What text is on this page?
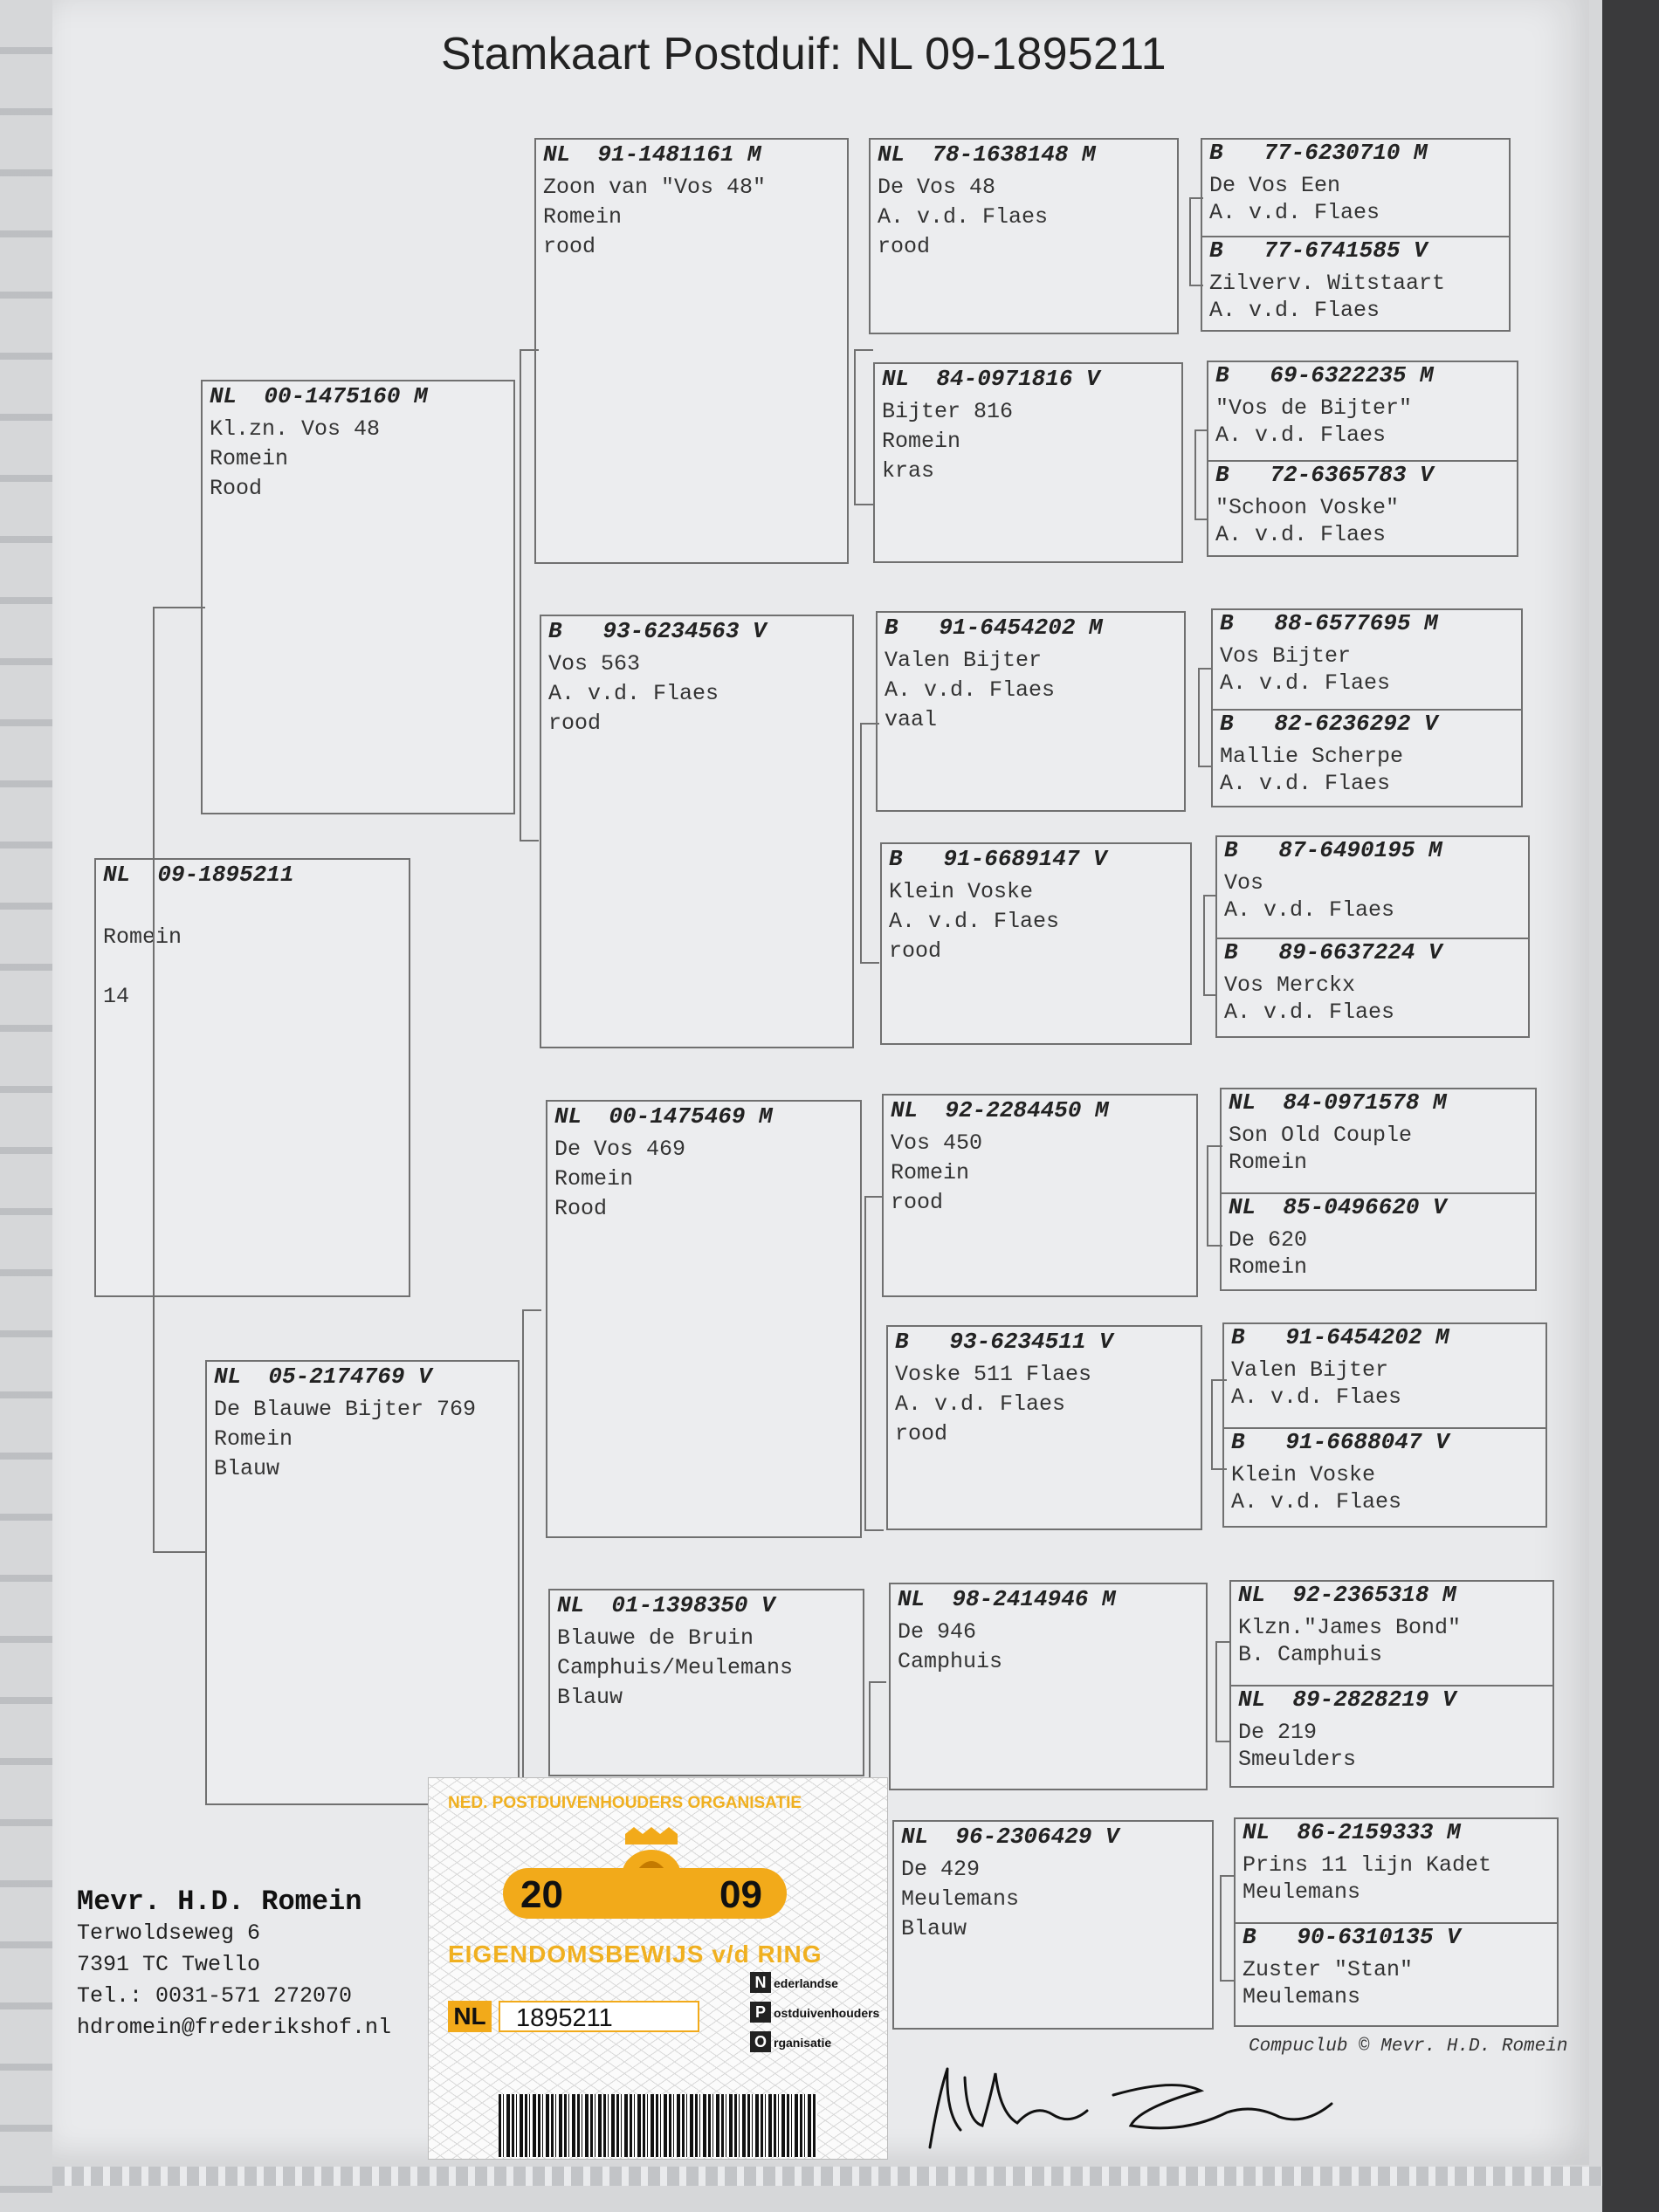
Stamkaart Postduif: NL 09-1895211
NL  09-1895211
Romein
14
NL  00-1475160 M
Kl.zn. Vos 48
Romein
Rood
NL  05-2174769 V
De Blauwe Bijter 769
Romein
Blauw
NL  91-1481161 M
Zoon van "Vos 48"
Romein
rood
B   93-6234563 V
Vos 563
A. v.d. Flaes
rood
NL  00-1475469 M
De Vos 469
Romein
Rood
NL  01-1398350 V
Blauwe de Bruin
Camphuis/Meulemans
Blauw
NL  78-1638148 M
De Vos 48
A. v.d. Flaes
rood
NL  84-0971816 V
Bijter 816
Romein
kras
B   91-6454202 M
Valen Bijter
A. v.d. Flaes
vaal
B   91-6689147 V
Klein Voske
A. v.d. Flaes
rood
NL  92-2284450 M
Vos 450
Romein
rood
B   93-6234511 V
Voske 511 Flaes
A. v.d. Flaes
rood
NL  98-2414946 M
De 946
Camphuis
NL  96-2306429 V
De 429
Meulemans
Blauw
B   77-6230710 M
De Vos Een
A. v.d. Flaes
B   77-6741585 V
Zilverv. Witstaart
A. v.d. Flaes
B   69-6322235 M
"Vos de Bijter"
A. v.d. Flaes
B   72-6365783 V
"Schoon Voske"
A. v.d. Flaes
B   88-6577695 M
Vos Bijter
A. v.d. Flaes
B   82-6236292 V
Mallie Scherpe
A. v.d. Flaes
B   87-6490195 M
Vos
A. v.d. Flaes
B   89-6637224 V
Vos Merckx
A. v.d. Flaes
NL  84-0971578 M
Son Old Couple
Romein
NL  85-0496620 V
De 620
Romein
B   91-6454202 M
Valen Bijter
A. v.d. Flaes
B   91-6688047 V
Klein Voske
A. v.d. Flaes
NL  92-2365318 M
Klzn."James Bond"
B. Camphuis
NL  89-2828219 V
De 219
Smeulders
NL  86-2159333 M
Prins 11 lijn Kadet
Meulemans
B   90-6310135 V
Zuster "Stan"
Meulemans
Mevr. H.D. Romein
Terwoldseweg 6
7391 TC Twello
Tel.: 0031-571 272070
hdromein@frederikshof.nl
Compuclub © Mevr. H.D. Romein
NED. POSTDUIVENHOUDERS ORGANISATIE
20	09
EIGENDOMSBEWIJS v/d RING
NL	1895211
N ederlandse
P ostduivenhouders
O rganisatie
